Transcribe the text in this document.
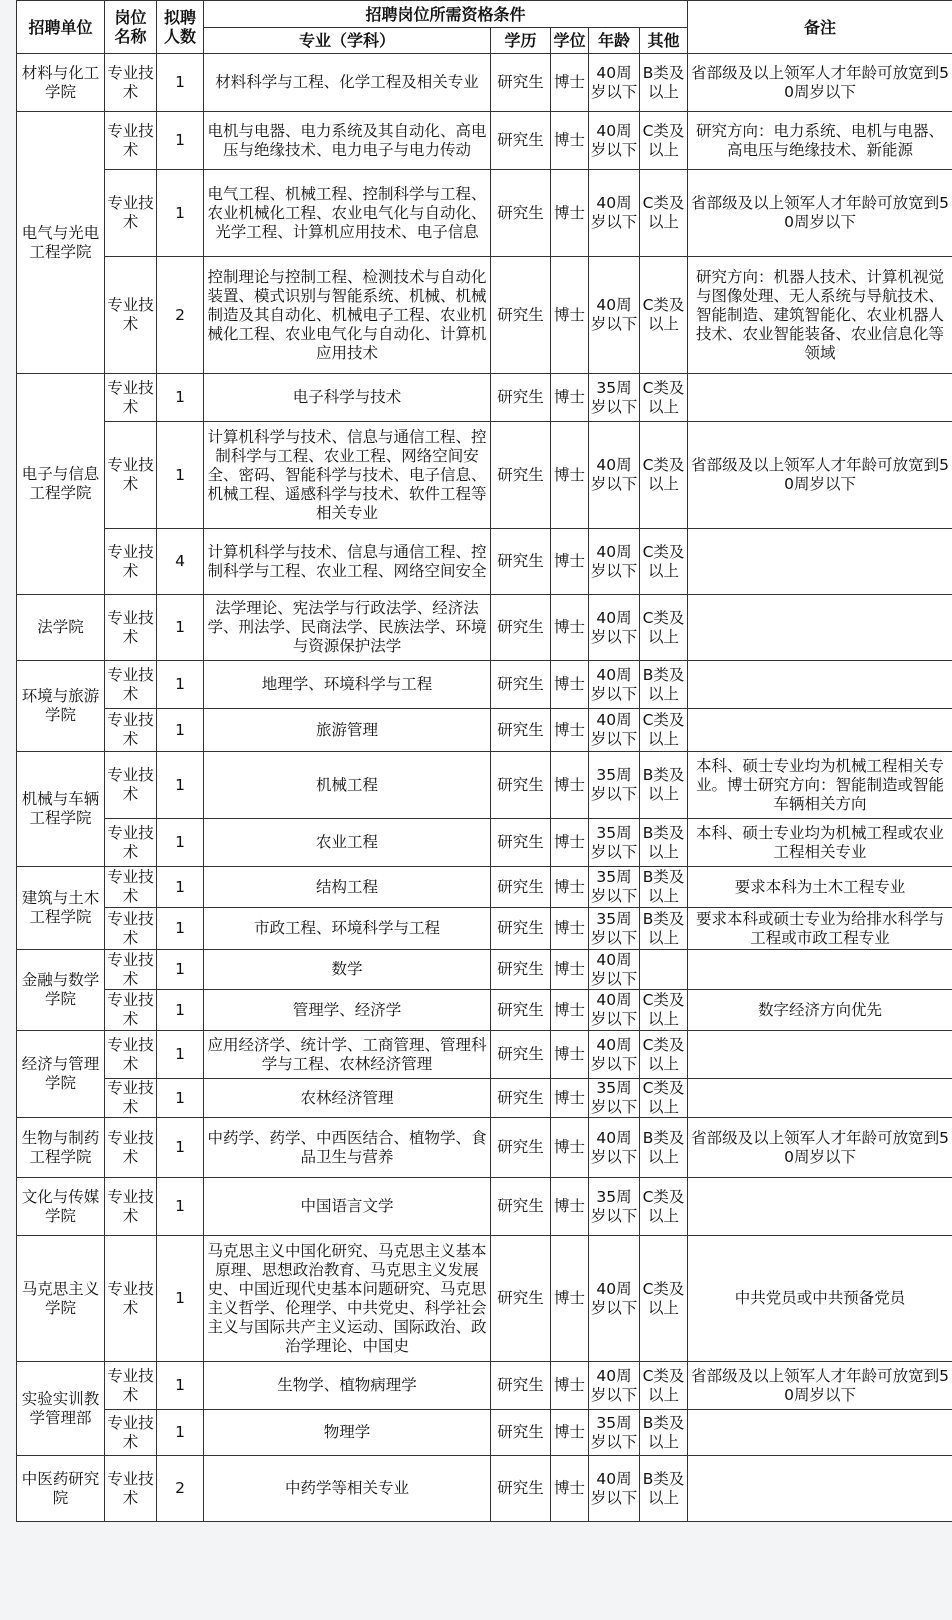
招聘单位	岗位名称	拟聘人数	招聘岗位所需资格条件					备注
			专业（学科）	学历	学位	年龄	其他	
材料与化工学院	专业技术	1	材料科学与工程、化学工程及相关专业	研究生	博士	40周岁以下	B类及以上	省部级及以上领军人才年龄可放宽到50周岁以下
电气与光电工程学院	专业技术	1	电机与电器、电力系统及其自动化、高电压与绝缘技术、电力电子与电力传动	研究生	博士	40周岁以下	C类及以上	研究方向：电力系统、电机与电器、高电压与绝缘技术、新能源
	专业技术	1	电气工程、机械工程、控制科学与工程、农业机械化工程、农业电气化与自动化、光学工程、计算机应用技术、电子信息	研究生	博士	40周岁以下	C类及以上	省部级及以上领军人才年龄可放宽到50周岁以下
	专业技术	2	控制理论与控制工程、检测技术与自动化装置、模式识别与智能系统、机械、机械制造及其自动化、机械电子工程、农业机械化工程、农业电气化与自动化、计算机应用技术	研究生	博士	40周岁以下	C类及以上	研究方向：机器人技术、计算机视觉与图像处理、无人系统与导航技术、智能制造、建筑智能化、农业机器人技术、农业智能装备、农业信息化等领域
电子与信息工程学院	专业技术	1	电子科学与技术	研究生	博士	35周岁以下	C类及以上	
	专业技术	1	计算机科学与技术、信息与通信工程、控制科学与工程、农业工程、网络空间安全、密码、智能科学与技术、电子信息、机械工程、遥感科学与技术、软件工程等相关专业	研究生	博士	40周岁以下	C类及以上	省部级及以上领军人才年龄可放宽到50周岁以下
	专业技术	4	计算机科学与技术、信息与通信工程、控制科学与工程、农业工程、网络空间安全	研究生	博士	40周岁以下	C类及以上	
法学院	专业技术	1	法学理论、宪法学与行政法学、经济法学、刑法学、民商法学、民族法学、环境与资源保护法学	研究生	博士	40周岁以下	C类及以上	
环境与旅游学院	专业技术	1	地理学、环境科学与工程	研究生	博士	40周岁以下	B类及以上	
	专业技术	1	旅游管理	研究生	博士	40周岁以下	C类及以上	
机械与车辆工程学院	专业技术	1	机械工程	研究生	博士	35周岁以下	B类及以上	本科、硕士专业均为机械工程相关专业。博士研究方向：智能制造或智能车辆相关方向
	专业技术	1	农业工程	研究生	博士	35周岁以下	B类及以上	本科、硕士专业均为机械工程或农业工程相关专业
建筑与土木工程学院	专业技术	1	结构工程	研究生	博士	35周岁以下	B类及以上	要求本科为土木工程专业
	专业技术	1	市政工程、环境科学与工程	研究生	博士	35周岁以下	B类及以上	要求本科或硕士专业为给排水科学与工程或市政工程专业
金融与数学学院	专业技术	1	数学	研究生	博士	40周岁以下		
	专业技术	1	管理学、经济学	研究生	博士	40周岁以下	C类及以上	数字经济方向优先
经济与管理学院	专业技术	1	应用经济学、统计学、工商管理、管理科学与工程、农林经济管理	研究生	博士	40周岁以下	C类及以上	
	专业技术	1	农林经济管理	研究生	博士	35周岁以下	C类及以上	
生物与制药工程学院	专业技术	1	中药学、药学、中西医结合、植物学、食品卫生与营养	研究生	博士	40周岁以下	B类及以上	省部级及以上领军人才年龄可放宽到50周岁以下
文化与传媒学院	专业技术	1	中国语言文学	研究生	博士	35周岁以下	C类及以上	
马克思主义学院	专业技术	1	马克思主义中国化研究、马克思主义基本原理、思想政治教育、马克思主义发展史、中国近现代史基本问题研究、马克思主义哲学、伦理学、中共党史、科学社会主义与国际共产主义运动、国际政治、政治学理论、中国史	研究生	博士	40周岁以下	C类及以上	中共党员或中共预备党员
实验实训教学管理部	专业技术	1	生物学、植物病理学	研究生	博士	40周岁以下	C类及以上	省部级及以上领军人才年龄可放宽到50周岁以下
	专业技术	1	物理学	研究生	博士	35周岁以下	B类及以上	
中医药研究院	专业技术	2	中药学等相关专业	研究生	博士	40周岁以下	B类及以上	
